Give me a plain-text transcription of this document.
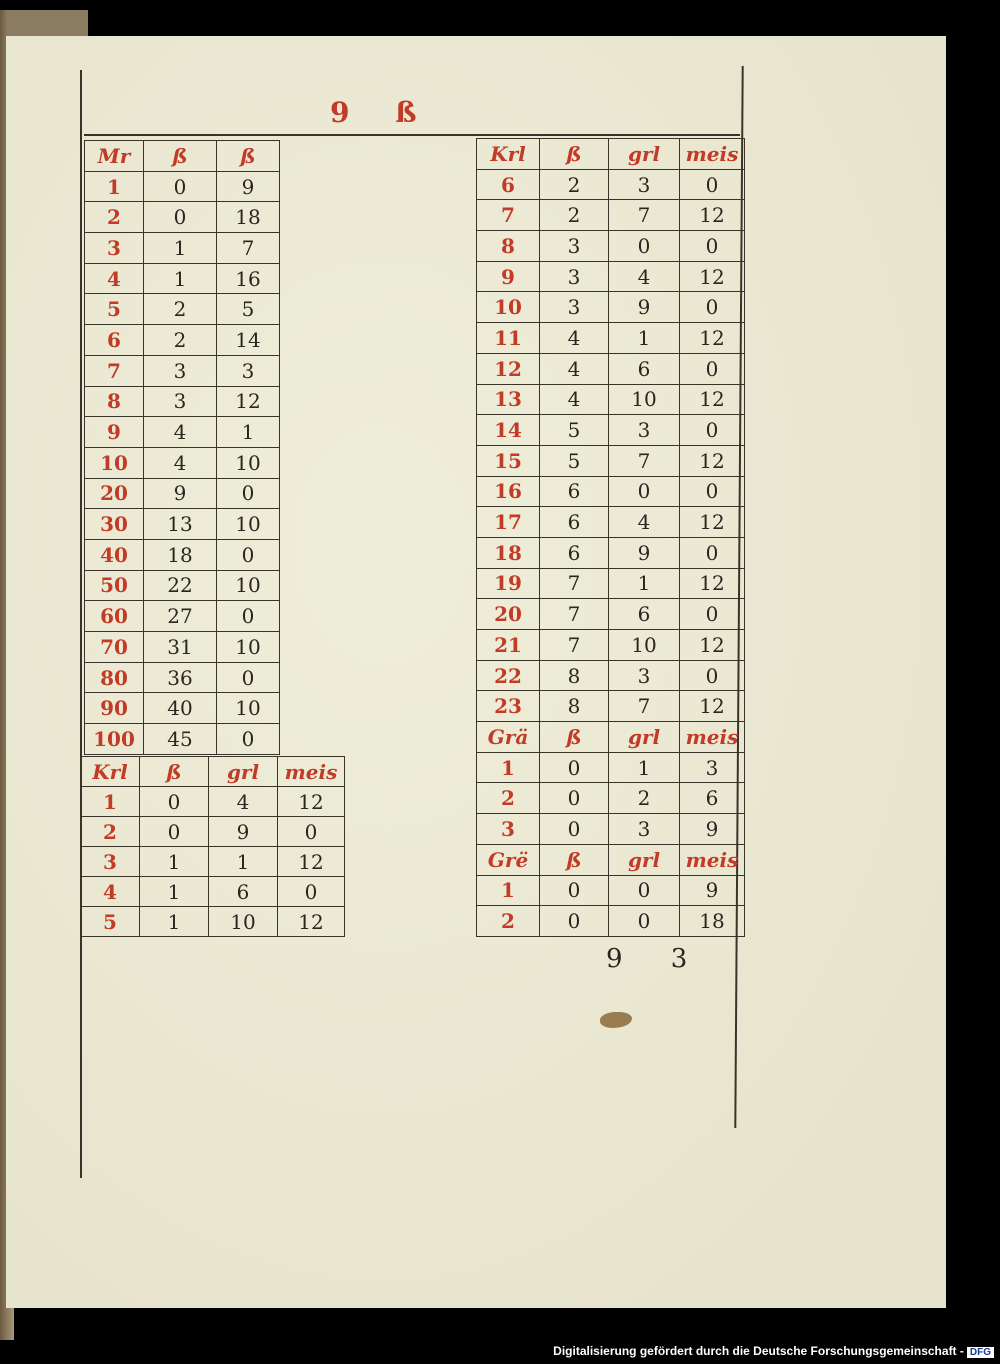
9 ß
Mr	ß	ß
1	0	9
2	0	18
3	1	7
4	1	16
5	2	5
6	2	14
7	3	3
8	3	12
9	4	1
10	4	10
20	9	0
30	13	10
40	18	0
50	22	10
60	27	0
70	31	10
80	36	0
90	40	10
100	45	0
Krl	ß	grl	meis
1	0	4	12
2	0	9	0
3	1	1	12
4	1	6	0
5	1	10	12
Krl	ß	grl	meis
6	2	3	0
7	2	7	12
8	3	0	0
9	3	4	12
10	3	9	0
11	4	1	12
12	4	6	0
13	4	10	12
14	5	3	0
15	5	7	12
16	6	0	0
17	6	4	12
18	6	9	0
19	7	1	12
20	7	6	0
21	7	10	12
22	8	3	0
23	8	7	12
Grä	ß	grl	meis
1	0	1	3
2	0	2	6
3	0	3	9
Grë	ß	grl	meis
1	0	0	9
2	0	0	18
9 3
Digitalisierung gefördert durch die Deutsche Forschungsgemeinschaft - DFG
